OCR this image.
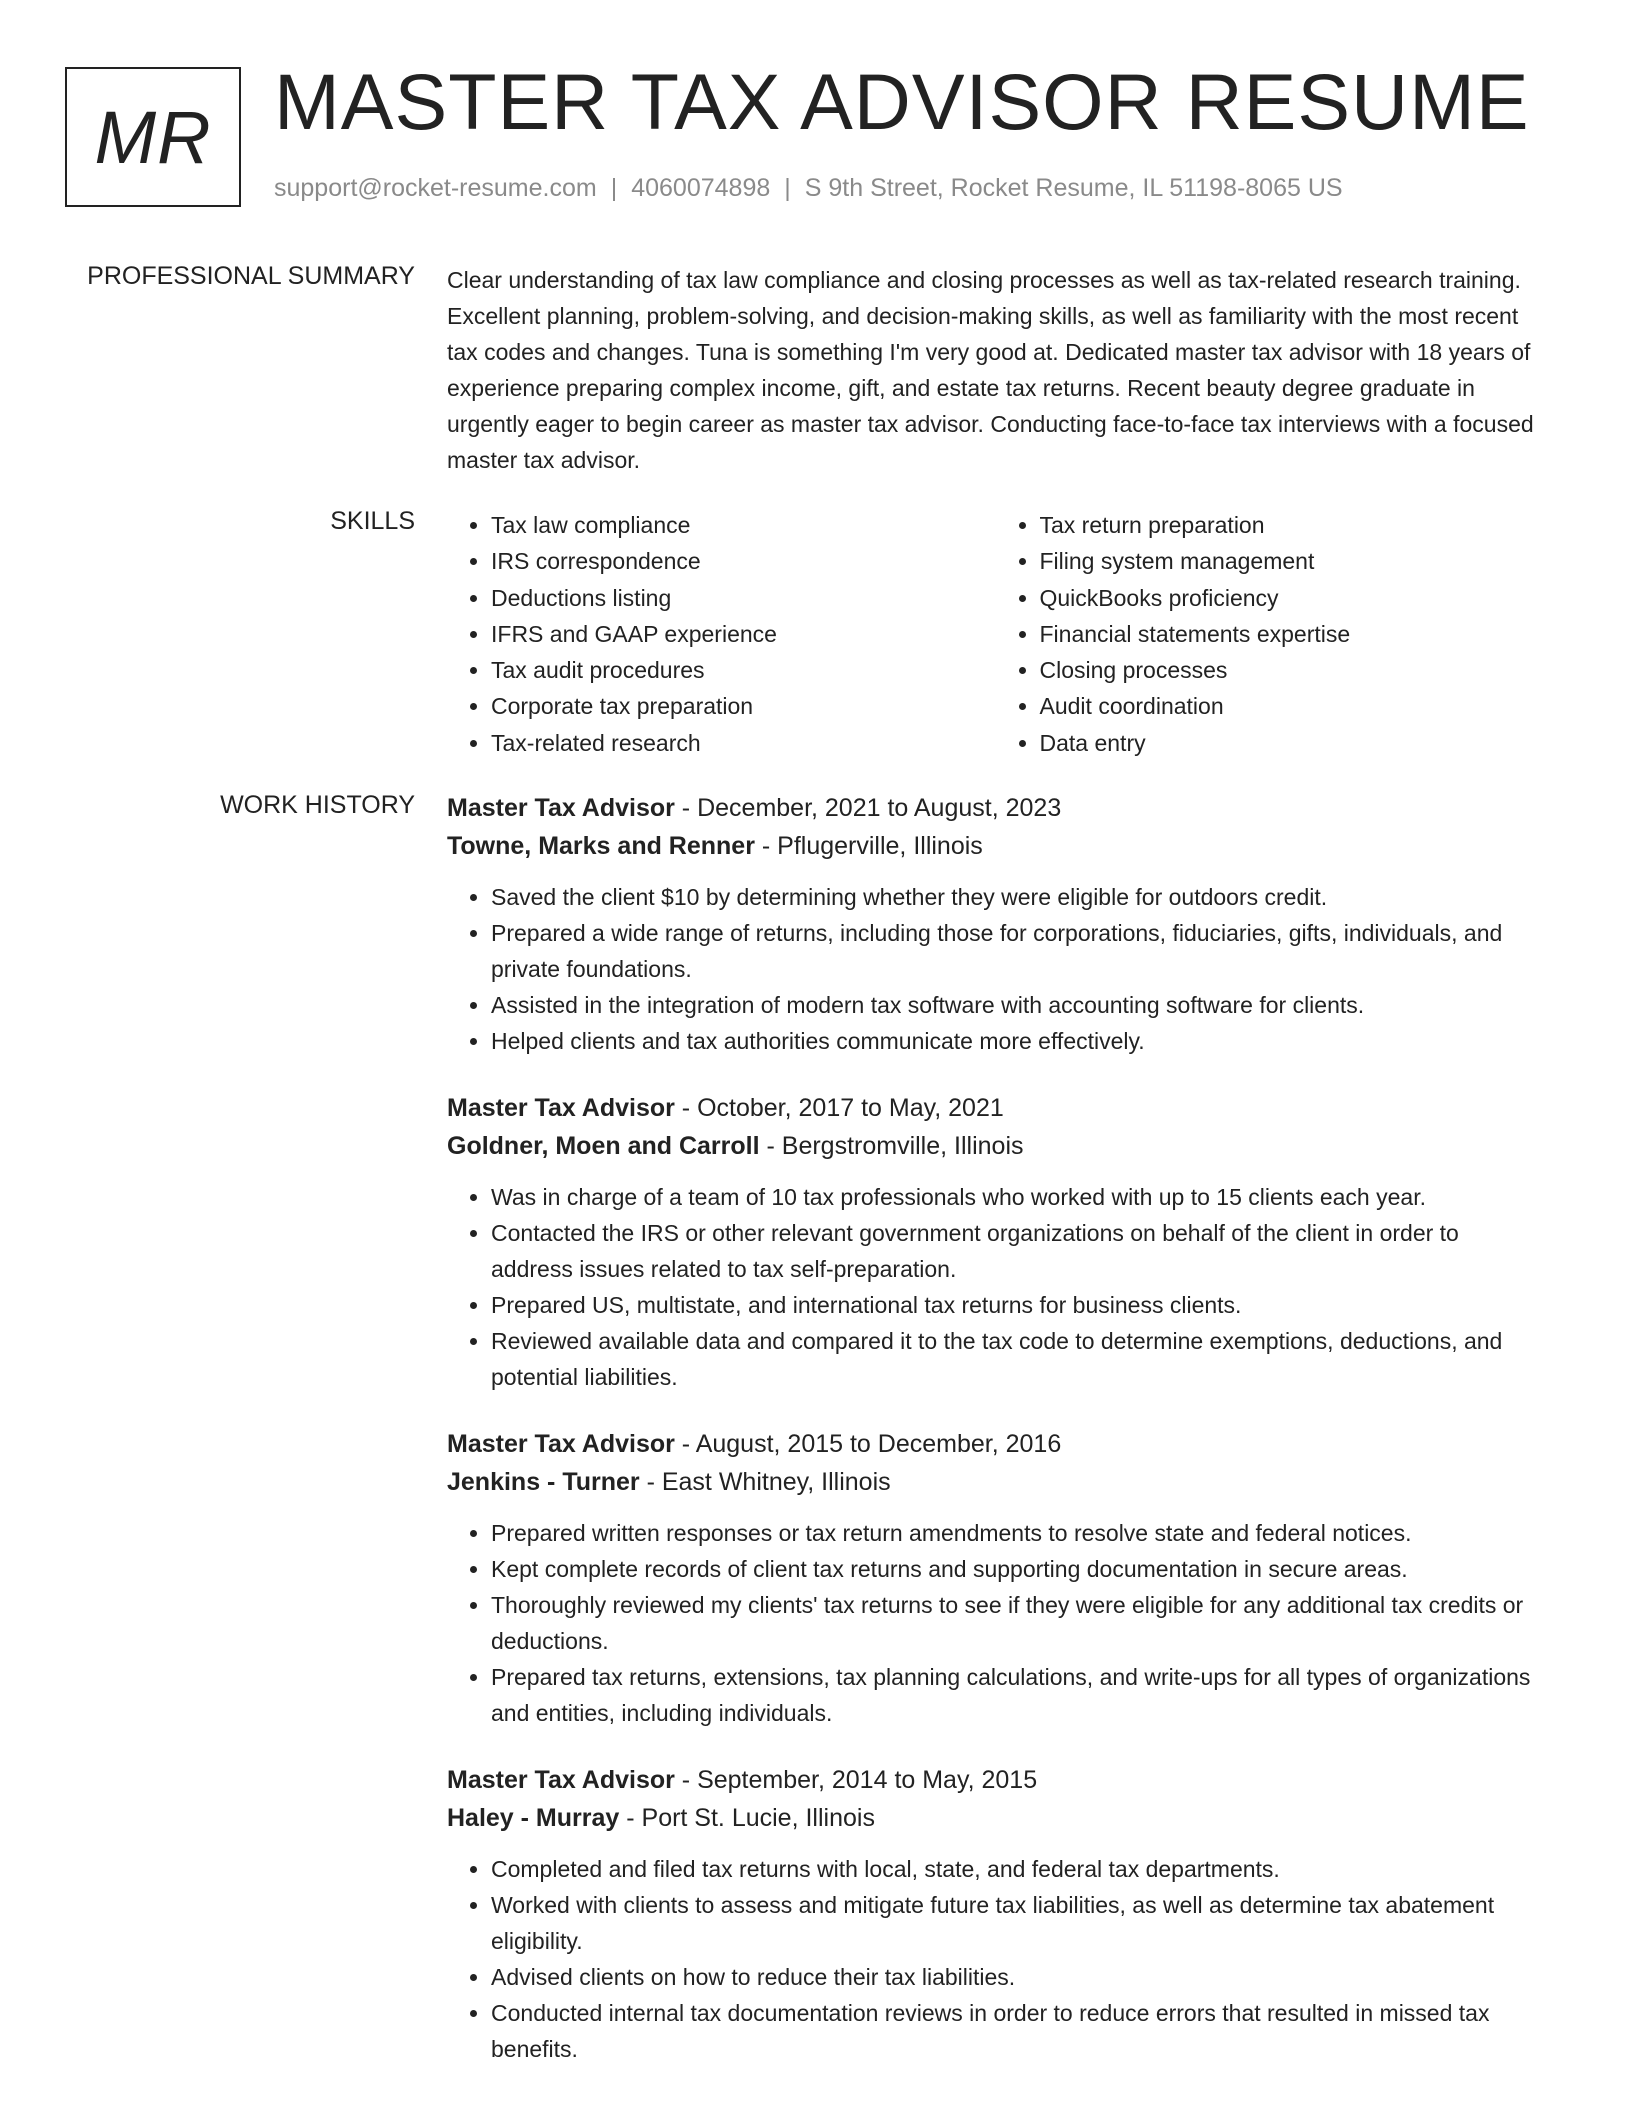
MR MASTER TAX ADVISOR RESUME
support@rocket-resume.com | 4060074898 | S 9th Street, Rocket Resume, IL 51198-8065 US
PROFESSIONAL SUMMARY Clear understanding of tax law compliance and closing processes as well as tax-related research training. Excellent planning, problem-solving, and decision-making skills, as well as familiarity with the most recent tax codes and changes. Tuna is something I'm very good at. Dedicated master tax advisor with 18 years of experience preparing complex income, gift, and estate tax returns. Recent beauty degree graduate in urgently eager to begin career as master tax advisor. Conducting face-to-face tax interviews with a focused master tax advisor.

SKILLS
•	Tax law compliance
• IRS correspondence
• Deductions listing
• IFRS and GAAP experience
• Tax audit procedures
• Corporate tax preparation
• Tax-related research
• Tax return preparation
• Filing system management
• QuickBooks proficiency
• Financial statements expertise
• Closing processes
• Audit coordination
• Data entry
WORK HISTORY Master Tax Advisor - December, 2021 to August, 2023
Towne, Marks and Renner - Pflugerville, Illinois
• Saved the client $10 by determining whether they were eligible for outdoors credit.
• Prepared a wide range of returns, including those for corporations, fiduciaries, gifts, individuals, and private foundations.
• Assisted in the integration of modern tax software with accounting software for clients.
• Helped clients and tax authorities communicate more effectively.
Master Tax Advisor - October, 2017 to May, 2021
Goldner, Moen and Carroll - Bergstromville, Illinois
• Was in charge of a team of 10 tax professionals who worked with up to 15 clients each year.
• Contacted the IRS or other relevant government organizations on behalf of the client in order to address issues related to tax self-preparation.
• Prepared US, multistate, and international tax returns for business clients.
• Reviewed available data and compared it to the tax code to determine exemptions, deductions, and potential liabilities.
Master Tax Advisor - August, 2015 to December, 2016
Jenkins - Turner - East Whitney, Illinois
• Prepared written responses or tax return amendments to resolve state and federal notices.
• Kept complete records of client tax returns and supporting documentation in secure areas.
• Thoroughly reviewed my clients' tax returns to see if they were eligible for any additional tax credits or deductions.
• Prepared tax returns, extensions, tax planning calculations, and write-ups for all types of organizations and entities, including individuals.
Master Tax Advisor - September, 2014 to May, 2015
Haley - Murray - Port St. Lucie, Illinois
• Completed and filed tax returns with local, state, and federal tax departments.
• Worked with clients to assess and mitigate future tax liabilities, as well as determine tax abatement eligibility.
• Advised clients on how to reduce their tax liabilities.
• Conducted internal tax documentation reviews in order to reduce errors that resulted in missed tax benefits.
